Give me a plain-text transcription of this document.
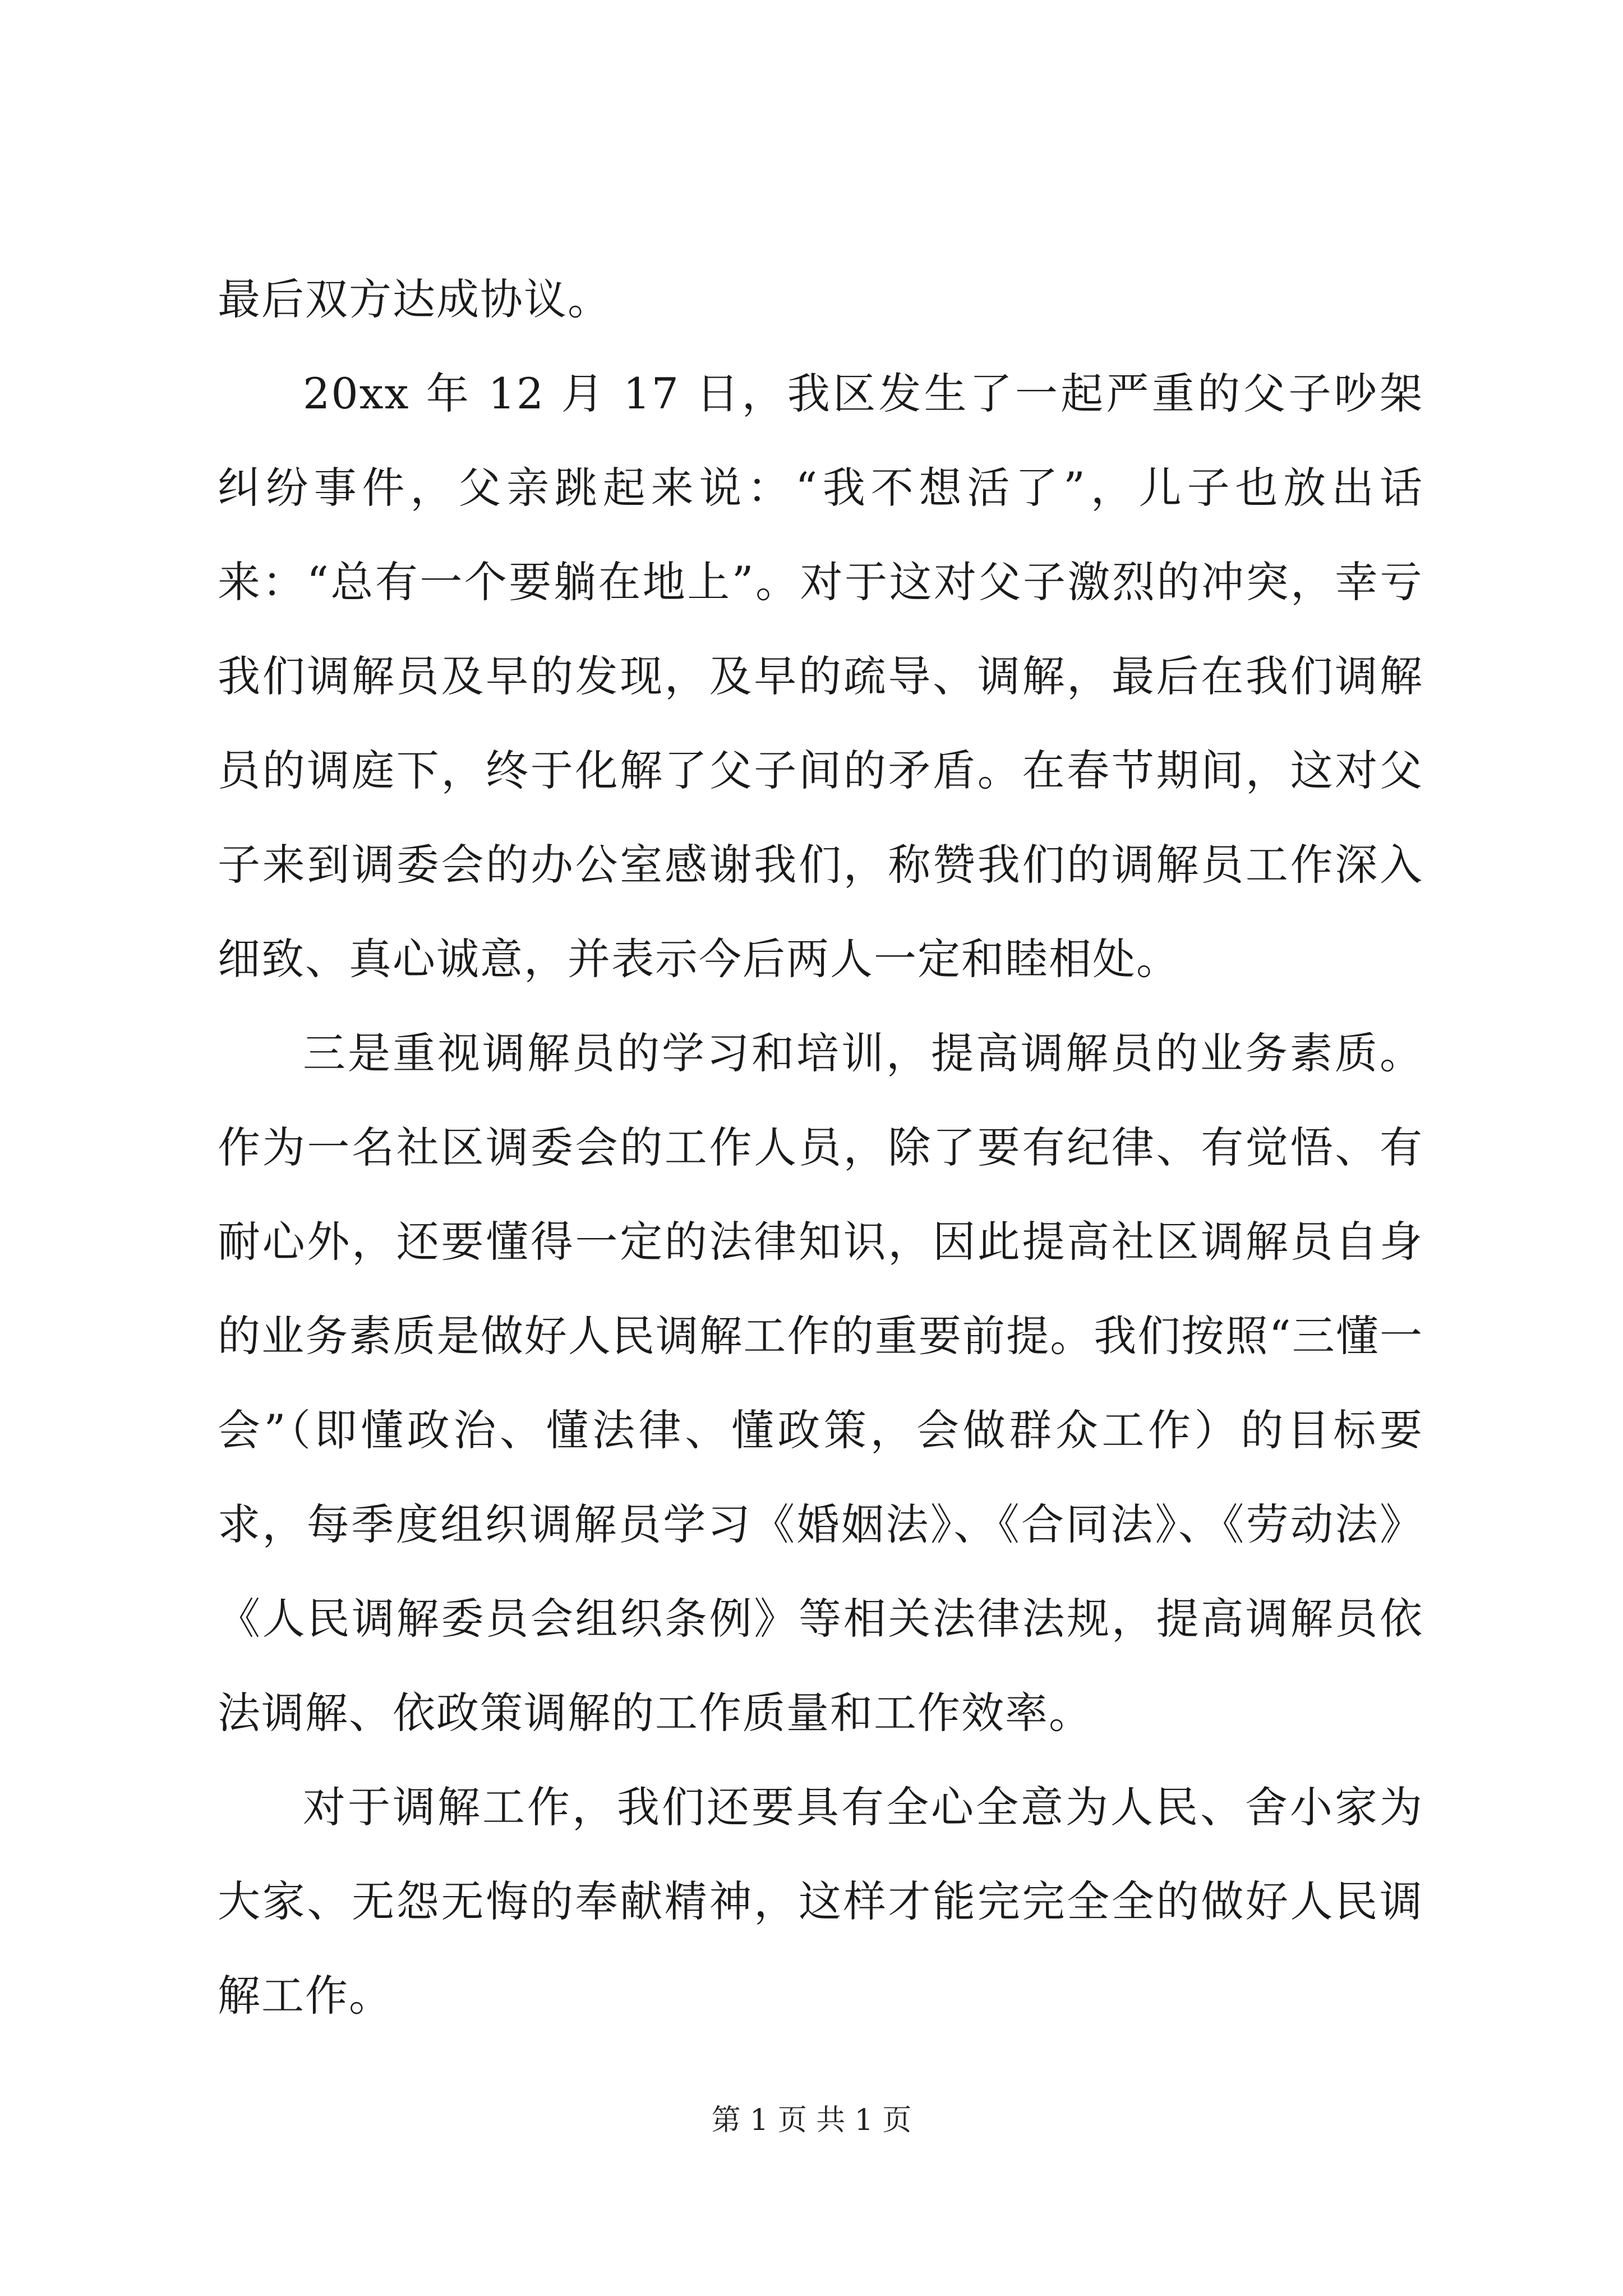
最后双方达成协议。

20xx 年 12 月 17 日，我区发生了一起严重的父子吵架纠纷事件，父亲跳起来说：“我不想活了”，儿子也放出话来：“总有一个要躺在地上”。对于这对父子激烈的冲突，幸亏我们调解员及早的发现，及早的疏导、调解，最后在我们调解员的调庭下，终于化解了父子间的矛盾。在春节期间，这对父子来到调委会的办公室感谢我们，称赞我们的调解员工作深入细致、真心诚意，并表示今后两人一定和睦相处。

三是重视调解员的学习和培训，提高调解员的业务素质。作为一名社区调委会的工作人员，除了要有纪律、有觉悟、有耐心外，还要懂得一定的法律知识，因此提高社区调解员自身的业务素质是做好人民调解工作的重要前提。我们按照“三懂一会”（即懂政治、懂法律、懂政策，会做群众工作）的目标要求，每季度组织调解员学习《婚姻法》、《合同法》、《劳动法》《人民调解委员会组织条例》等相关法律法规，提高调解员依法调解、依政策调解的工作质量和工作效率。

对于调解工作，我们还要具有全心全意为人民、舍小家为大家、无怨无悔的奉献精神，这样才能完完全全的做好人民调解工作。

第 1 页 共 1 页
